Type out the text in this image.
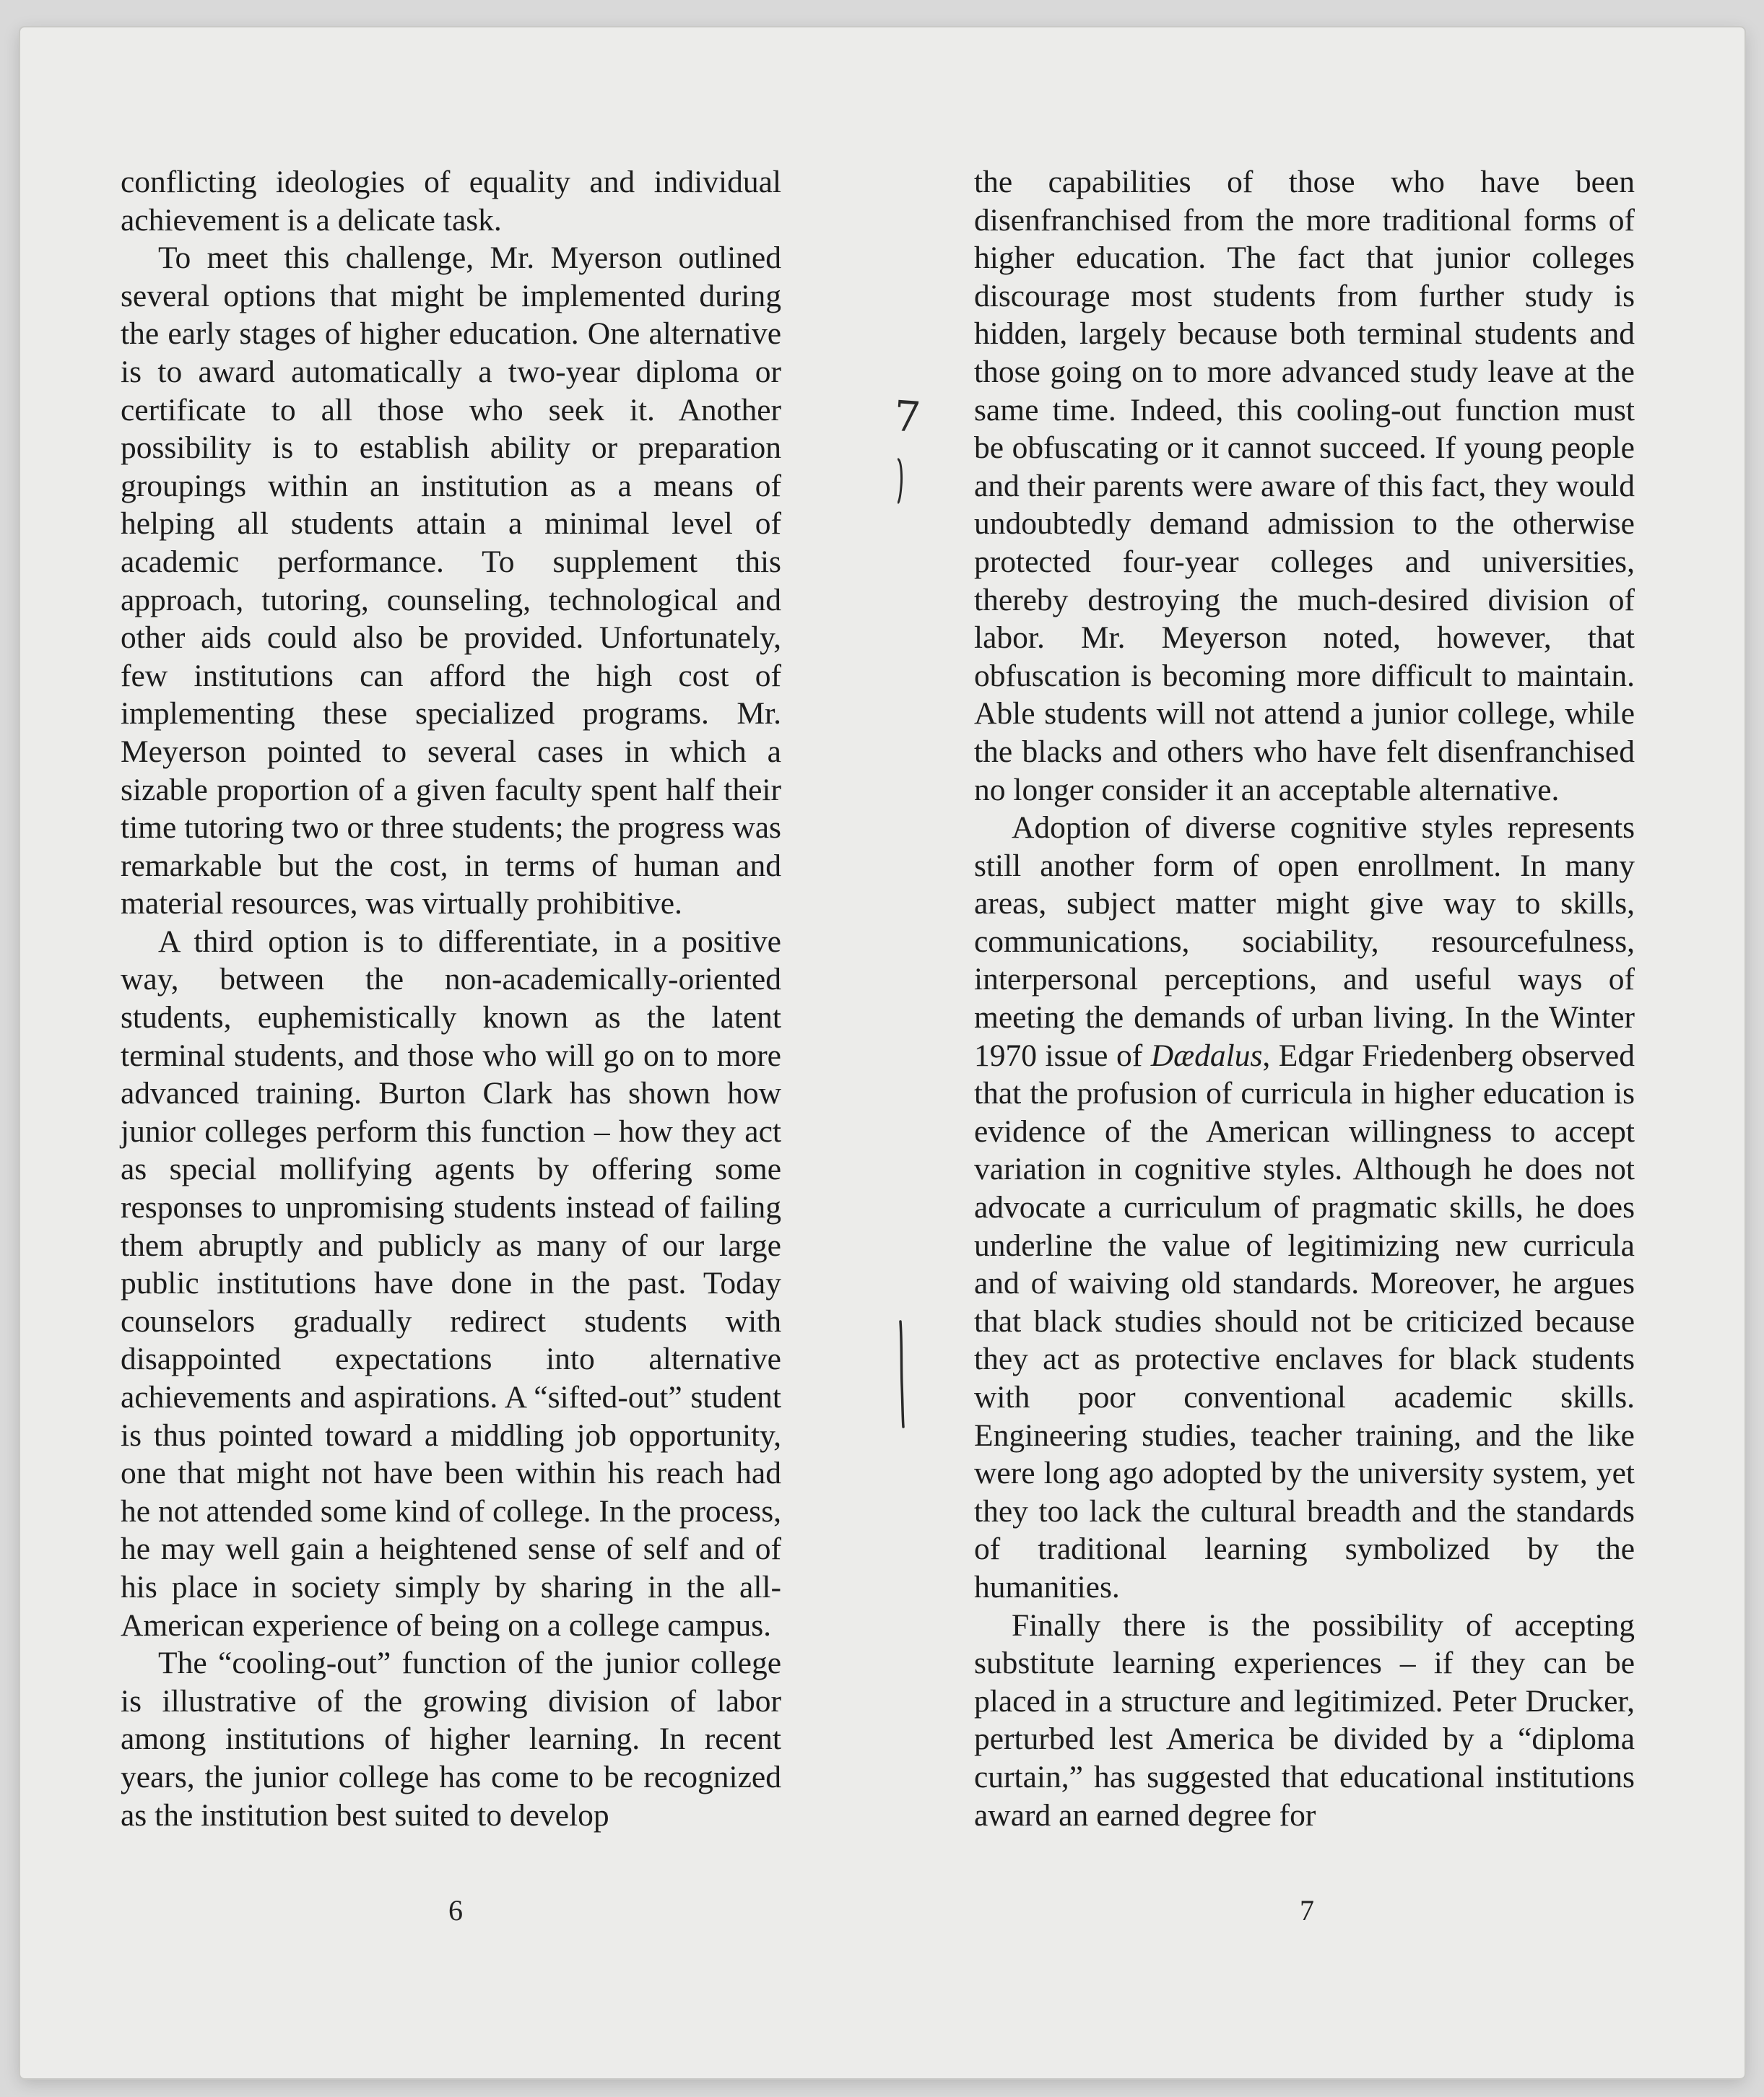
conflicting ideologies of equality and individual achievement is a delicate task.

To meet this challenge, Mr. Myerson outlined several options that might be implemented during the early stages of higher education. One alternative is to award automatically a two-year diploma or certificate to all those who seek it. Another possibility is to establish ability or preparation groupings within an institution as a means of helping all students attain a minimal level of academic performance. To supplement this approach, tutoring, counseling, technological and other aids could also be provided. Unfortunately, few institutions can afford the high cost of implementing these specialized programs. Mr. Meyerson pointed to several cases in which a sizable proportion of a given faculty spent half their time tutoring two or three students; the progress was remarkable but the cost, in terms of human and material resources, was virtually prohibitive.

A third option is to differentiate, in a positive way, between the non-academically-oriented students, euphemistically known as the latent terminal students, and those who will go on to more advanced training. Burton Clark has shown how junior colleges perform this function – how they act as special mollifying agents by offering some responses to unpromising students instead of failing them abruptly and publicly as many of our large public institutions have done in the past. Today counselors gradually redirect students with disappointed expectations into alternative achievements and aspirations. A “sifted-out” student is thus pointed toward a middling job opportunity, one that might not have been within his reach had he not attended some kind of college. In the process, he may well gain a heightened sense of self and of his place in society simply by sharing in the all-American experience of being on a college campus.

The “cooling-out” function of the junior college is illustrative of the growing division of labor among institutions of higher learning. In recent years, the junior college has come to be recognized as the institution best suited to develop

6
7

the capabilities of those who have been disenfranchised from the more traditional forms of higher education. The fact that junior colleges discourage most students from further study is hidden, largely because both terminal students and those going on to more advanced study leave at the same time. Indeed, this cooling-out function must be obfuscating or it cannot succeed. If young people and their parents were aware of this fact, they would undoubtedly demand admission to the otherwise protected four-year colleges and universities, thereby destroying the much-desired division of labor. Mr. Meyerson noted, however, that obfuscation is becoming more difficult to maintain. Able students will not attend a junior college, while the blacks and others who have felt disenfranchised no longer consider it an acceptable alternative.

Adoption of diverse cognitive styles represents still another form of open enrollment. In many areas, subject matter might give way to skills, communications, sociability, resourcefulness, interpersonal perceptions, and useful ways of meeting the demands of urban living. In the Winter 1970 issue of Dædalus, Edgar Friedenberg observed that the profusion of curricula in higher education is evidence of the American willingness to accept variation in cognitive styles. Although he does not advocate a curriculum of pragmatic skills, he does underline the value of legitimizing new curricula and of waiving old standards. Moreover, he argues that black studies should not be criticized because they act as protective enclaves for black students with poor conventional academic skills. Engineering studies, teacher training, and the like were long ago adopted by the university system, yet they too lack the cultural breadth and the standards of traditional learning symbolized by the humanities.

Finally there is the possibility of accepting substitute learning experiences – if they can be placed in a structure and legitimized. Peter Drucker, perturbed lest America be divided by a “diploma curtain,” has suggested that educational institutions award an earned degree for

7
